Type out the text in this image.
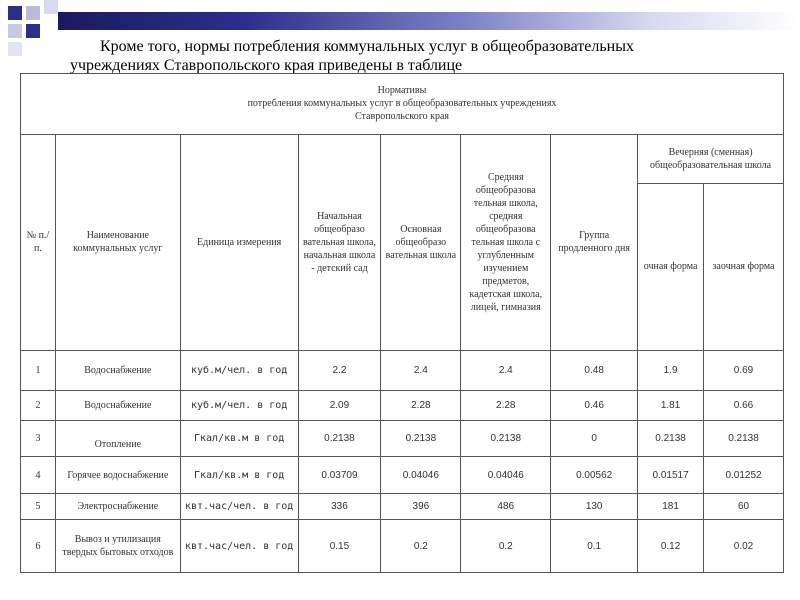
Кроме того, нормы потребления коммунальных услуг в общеобразовательных
учреждениях Ставропольского края приведены в таблице
Нормативы
потребления коммунальных услуг в общеобразовательных учреждениях
Ставропольского края								

№ п./п.	Наименование коммунальных услуг	Единица измерения	Начальная общеобразо вательная школа, начальная школа - детский сад	Основная общеобразо вательная школа	Средняя общеобразова тельная школа, средняя общеобразова тельная школа с углубленным изучением предметов, кадетская школа, лицей, гимназия	Группа продленного дня	Вечерняя (сменная) общеобразовательная школа	
							очная форма	заочная форма
1	Водоснабжение	куб.м/чел. в год	2.2	2.4	2.4	0.48	1.9	0.69
2	Водоснабжение	куб.м/чел. в год	2.09	2.28	2.28	0.46	1.81	0.66
3	Отопление	Гкал/кв.м в год	0.2138	0.2138	0.2138	0	0.2138	0.2138
4	Горячее водоснабжение	Гкал/кв.м в год	0.03709	0.04046	0.04046	0.00562	0.01517	0.01252
5	Электроснабжение	квт.час/чел. в год	336	396	486	130	181	60
6	Вывоз и утилизация твердых бытовых отходов	квт.час/чел. в год	0.15	0.2	0.2	0.1	0.12	0.02
